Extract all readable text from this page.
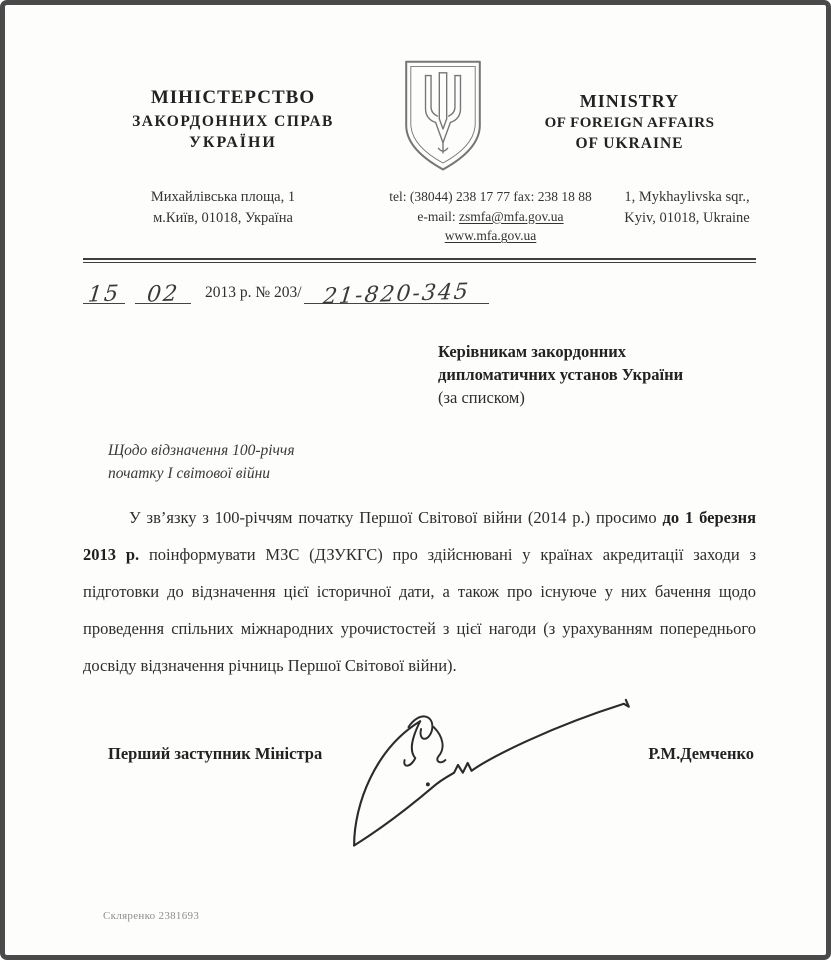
МІНІСТЕРСТВО
ЗАКОРДОННИХ СПРАВ
УКРАЇНИ
MINISTRY
OF FOREIGN AFFAIRS
OF UKRAINE
Михайлівська площа, 1
м.Київ, 01018, Україна
tel: (38044) 238 17 77 fax: 238 18 88
e-mail: zsmfa@mfa.gov.ua
www.mfa.gov.ua
1, Mykhaylivska sqr.,
Kyiv, 01018, Ukraine
15	02	2013 р. № 203/ 21-820-345
Керівникам закордонних
дипломатичних установ України
(за списком)
Щодо відзначення 100-річчя
початку І світової війни

У зв’язку з 100-річчям початку Першої Світової війни (2014 р.) просимо до 1 березня 2013 р. поінформувати МЗС (ДЗУКГС) про здійснювані у країнах акредитації заходи з підготовки до відзначення цієї історичної дати, а також про існуюче у них бачення щодо проведення спільних міжнародних урочистостей з цієї нагоди (з урахуванням попереднього досвіду відзначення річниць Першої Світової війни).

Перший заступник Міністра	Р.М.Демченко
Скляренко 2381693
